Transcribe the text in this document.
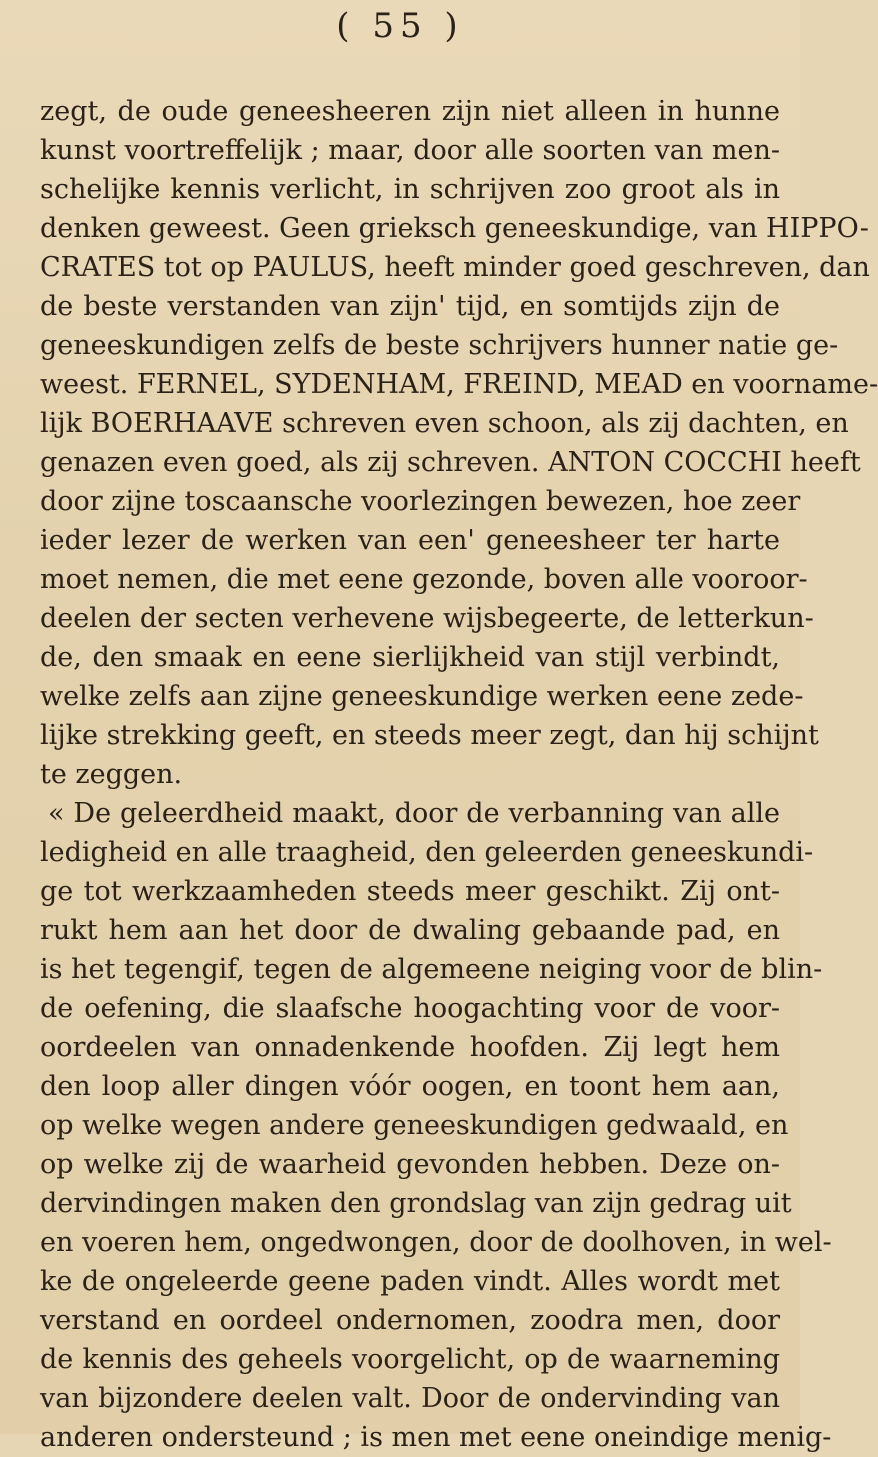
( 55 )
zegt, de oude geneesheeren zijn niet alleen in hunne
kunst voortreffelijk ; maar, door alle soorten van men-
schelijke kennis verlicht, in schrijven zoo groot als in
denken geweest. Geen grieksch geneeskundige, van HIPPO-
CRATES tot op PAULUS, heeft minder goed geschreven, dan
de beste verstanden van zijn' tijd, en somtijds zijn de
geneeskundigen zelfs de beste schrijvers hunner natie ge-
weest. FERNEL, SYDENHAM, FREIND, MEAD en voorname-
lijk BOERHAAVE schreven even schoon, als zij dachten, en
genazen even goed, als zij schreven. ANTON COCCHI heeft
door zijne toscaansche voorlezingen bewezen, hoe zeer
ieder lezer de werken van een' geneesheer ter harte
moet nemen, die met eene gezonde, boven alle vooroor-
deelen der secten verhevene wijsbegeerte, de letterkun-
de, den smaak en eene sierlijkheid van stijl verbindt,
welke zelfs aan zijne geneeskundige werken eene zede-
lijke strekking geeft, en steeds meer zegt, dan hij schijnt
te zeggen.
« De geleerdheid maakt, door de verbanning van alle
ledigheid en alle traagheid, den geleerden geneeskundi-
ge tot werkzaamheden steeds meer geschikt. Zij ont-
rukt hem aan het door de dwaling gebaande pad, en
is het tegengif, tegen de algemeene neiging voor de blin-
de oefening, die slaafsche hoogachting voor de voor-
oordeelen van onnadenkende hoofden. Zij legt hem
den loop aller dingen vóór oogen, en toont hem aan,
op welke wegen andere geneeskundigen gedwaald, en
op welke zij de waarheid gevonden hebben. Deze on-
dervindingen maken den grondslag van zijn gedrag uit
en voeren hem, ongedwongen, door de doolhoven, in wel-
ke de ongeleerde geene paden vindt. Alles wordt met
verstand en oordeel ondernomen, zoodra men, door
de kennis des geheels voorgelicht, op de waarneming
van bijzondere deelen valt. Door de ondervinding van
anderen ondersteund ; is men met eene oneindige menig-
